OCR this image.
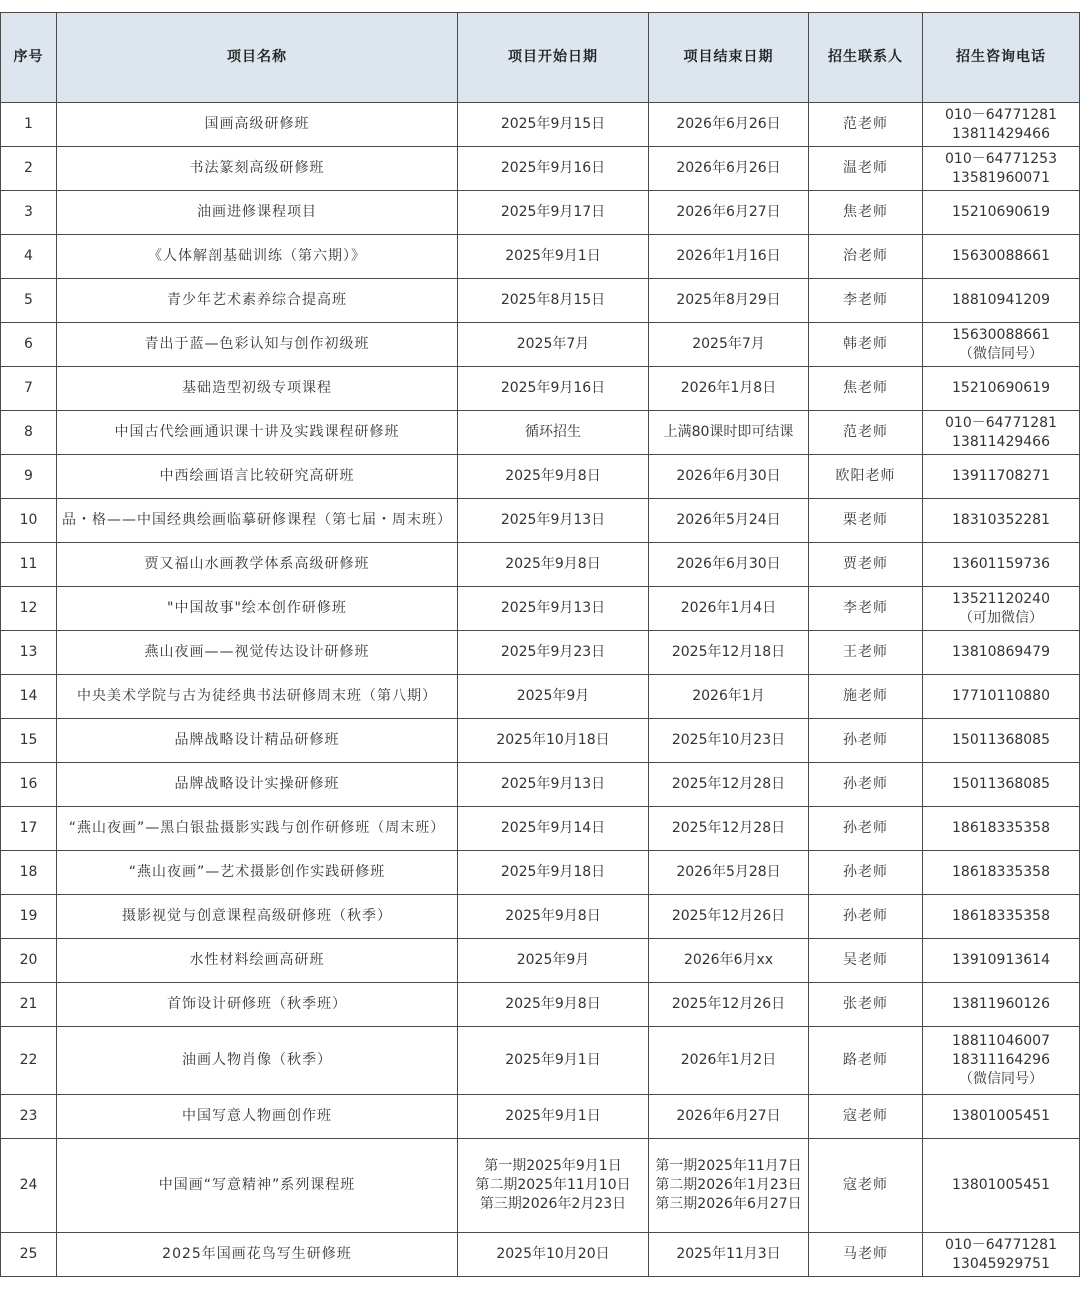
序号	项目名称	项目开始日期	项目结束日期	招生联系人	招生咨询电话
1	国画高级研修班	2025年9月15日	2026年6月26日	范老师	010－64771281
13811429466

2	书法篆刻高级研修班	2025年9月16日	2026年6月26日	温老师	010－64771253
13581960071

3	油画进修课程项目	2025年9月17日	2026年6月27日	焦老师	15210690619

4	《人体解剖基础训练（第六期）》	2025年9月1日	2026年1月16日	治老师	15630088661

5	青少年艺术素养综合提高班	2025年8月15日	2025年8月29日	李老师	18810941209

6	青出于蓝—色彩认知与创作初级班	2025年7月	2025年7月	韩老师	15630088661
（微信同号）

7	基础造型初级专项课程	2025年9月16日	2026年1月8日	焦老师	15210690619

8	中国古代绘画通识课十讲及实践课程研修班	循环招生	上满80课时即可结课	范老师	010－64771281
13811429466

9	中西绘画语言比较研究高研班	2025年9月8日	2026年6月30日	欧阳老师	13911708271

10	品・格——中国经典绘画临摹研修课程（第七届・周末班）	2025年9月13日	2026年5月24日	栗老师	18310352281

11	贾又福山水画教学体系高级研修班	2025年9月8日	2026年6月30日	贾老师	13601159736

12	"中国故事"绘本创作研修班	2025年9月13日	2026年1月4日	李老师	13521120240
（可加微信）

13	燕山夜画——视觉传达设计研修班	2025年9月23日	2025年12月18日	王老师	13810869479

14	中央美术学院与古为徒经典书法研修周末班（第八期）	2025年9月	2026年1月	施老师	17710110880

15	品牌战略设计精品研修班	2025年10月18日	2025年10月23日	孙老师	15011368085

16	品牌战略设计实操研修班	2025年9月13日	2025年12月28日	孙老师	15011368085

17	“燕山夜画”—黑白银盐摄影实践与创作研修班（周末班）	2025年9月14日	2025年12月28日	孙老师	18618335358

18	“燕山夜画”—艺术摄影创作实践研修班	2025年9月18日	2026年5月28日	孙老师	18618335358

19	摄影视觉与创意课程高级研修班（秋季）	2025年9月8日	2025年12月26日	孙老师	18618335358

20	水性材料绘画高研班	2025年9月	2026年6月xx	吴老师	13910913614

21	首饰设计研修班（秋季班）	2025年9月8日	2025年12月26日	张老师	13811960126

22	油画人物肖像（秋季）	2025年9月1日	2026年1月2日	路老师	18811046007
18311164296
（微信同号）

23	中国写意人物画创作班	2025年9月1日	2026年6月27日	寇老师	13801005451

24	中国画“写意精神”系列课程班	第一期2025年9月1日
第二期2025年11月10日
第三期2026年2月23日	第一期2025年11月7日
第二期2026年1月23日
第三期2026年6月27日	寇老师	13801005451

25	2025年国画花鸟写生研修班	2025年10月20日	2025年11月3日	马老师	010－64771281
13045929751
